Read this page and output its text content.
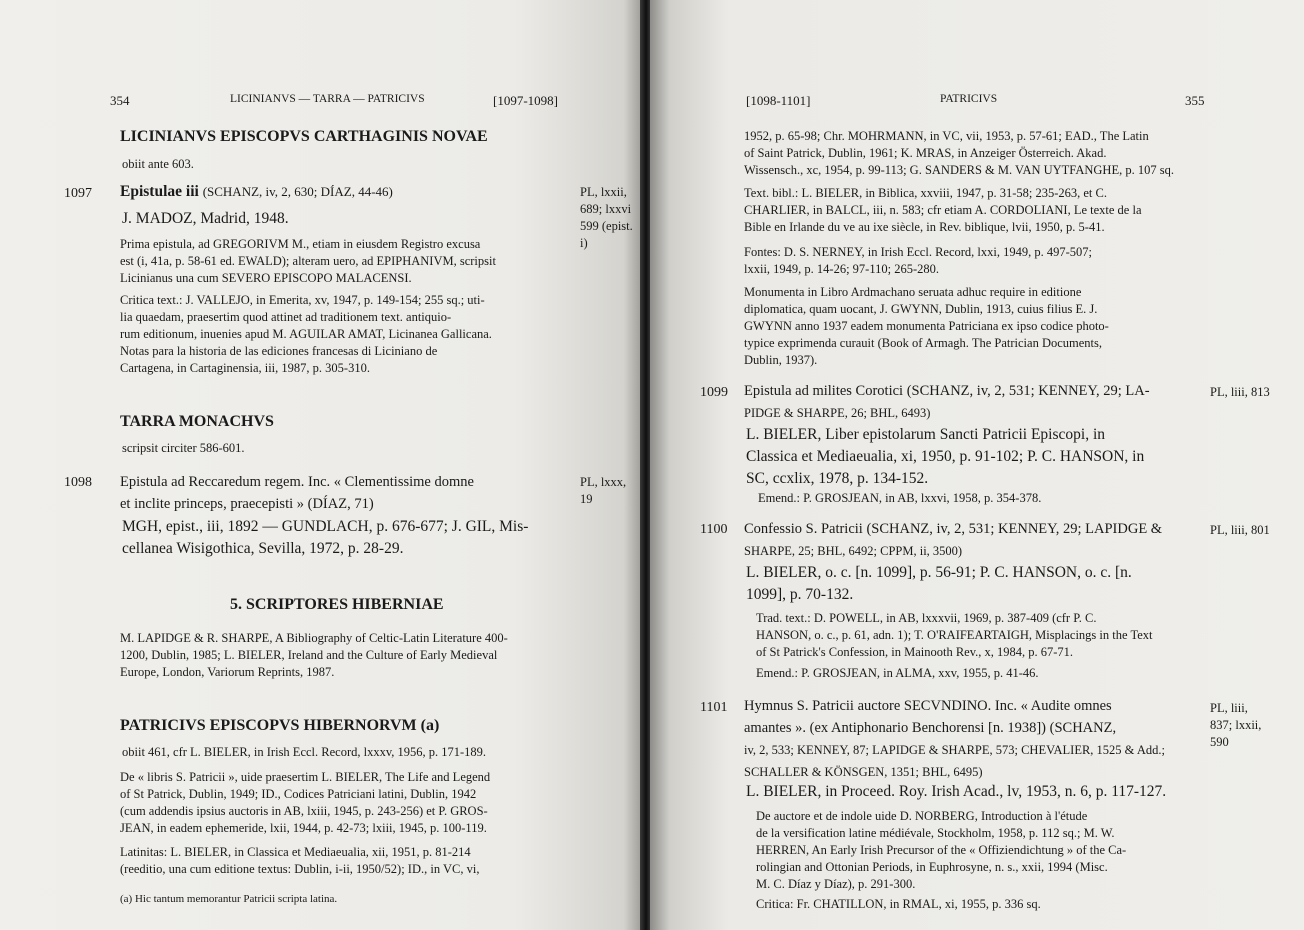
354	LICINIANVS — TARRA — PATRICIVS	[1097-1098]
LICINIANVS EPISCOPVS CARTHAGINIS NOVAE
obiit ante 603.
1097 Epistulae iii (SCHANZ, iv, 2, 630; DÍAZ, 44-46)	PL, lxxii,
689; lxxvi
599 (epist.
i)
J. MADOZ, Madrid, 1948.
Prima epistula, ad GREGORIVM M., etiam in eiusdem Registro excusa
est (i, 41a, p. 58-61 ed. EWALD); alteram uero, ad EPIPHANIVM, scripsit
Licinianus una cum SEVERO EPISCOPO MALACENSI.
Critica text.: J. VALLEJO, in Emerita, xv, 1947, p. 149-154; 255 sq.; uti-
lia quaedam, praesertim quod attinet ad traditionem text. antiquio-
rum editionum, inuenies apud M. AGUILAR AMAT, Licinanea Gallicana.
Notas para la historia de las ediciones francesas di Liciniano de
Cartagena, in Cartaginensia, iii, 1987, p. 305-310.
TARRA MONACHVS
scripsit circiter 586-601.
1098 Epistula ad Reccaredum regem. Inc. « Clementissime domne
et inclite princeps, praecepisti » (DÍAZ, 71)
PL, lxxx,
19
MGH, epist., iii, 1892 — GUNDLACH, p. 676-677; J. GIL, Mis-
cellanea Wisigothica, Sevilla, 1972, p. 28-29.
5. SCRIPTORES HIBERNIAE
M. LAPIDGE & R. SHARPE, A Bibliography of Celtic-Latin Literature 400-
1200, Dublin, 1985; L. BIELER, Ireland and the Culture of Early Medieval
Europe, London, Variorum Reprints, 1987.
PATRICIVS EPISCOPVS HIBERNORVM (a)
obiit 461, cfr L. BIELER, in Irish Eccl. Record, lxxxv, 1956, p. 171-189.
De « libris S. Patricii », uide praesertim L. BIELER, The Life and Legend
of St Patrick, Dublin, 1949; ID., Codices Patriciani latini, Dublin, 1942
(cum addendis ipsius auctoris in AB, lxiii, 1945, p. 243-256) et P. GROS-
JEAN, in eadem ephemeride, lxii, 1944, p. 42-73; lxiii, 1945, p. 100-119.
Latinitas: L. BIELER, in Classica et Mediaeualia, xii, 1951, p. 81-214
(reeditio, una cum editione textus: Dublin, i-ii, 1950/52); ID., in VC, vi,
(a) Hic tantum memorantur Patricii scripta latina.
[1098-1101]	PATRICIVS	355
1952, p. 65-98; Chr. MOHRMANN, in VC, vii, 1953, p. 57-61; EAD., The Latin
of Saint Patrick, Dublin, 1961; K. MRAS, in Anzeiger Österreich. Akad.
Wissensch., xc, 1954, p. 99-113; G. SANDERS & M. VAN UYTFANGHE, p. 107 sq.
Text. bibl.: L. BIELER, in Biblica, xxviii, 1947, p. 31-58; 235-263, et C.
CHARLIER, in BALCL, iii, n. 583; cfr etiam A. CORDOLIANI, Le texte de la
Bible en Irlande du ve au ixe siècle, in Rev. biblique, lvii, 1950, p. 5-41.
Fontes: D. S. NERNEY, in Irish Eccl. Record, lxxi, 1949, p. 497-507;
lxxii, 1949, p. 14-26; 97-110; 265-280.
Monumenta in Libro Ardmachano seruata adhuc require in editione
diplomatica, quam uocant, J. GWYNN, Dublin, 1913, cuius filius E. J.
GWYNN anno 1937 eadem monumenta Patriciana ex ipso codice photo-
typice exprimenda curauit (Book of Armagh. The Patrician Documents,
Dublin, 1937).
1099 Epistula ad milites Corotici (SCHANZ, iv, 2, 531; KENNEY, 29; LA-
PIDGE & SHARPE, 26; BHL, 6493)
PL, liii, 813
L. BIELER, Liber epistolarum Sancti Patricii Episcopi, in
Classica et Mediaeualia, xi, 1950, p. 91-102; P. C. HANSON, in
SC, ccxlix, 1978, p. 134-152.
Emend.: P. GROSJEAN, in AB, lxxvi, 1958, p. 354-378.
1100 Confessio S. Patricii (SCHANZ, iv, 2, 531; KENNEY, 29; LAPIDGE &
SHARPE, 25; BHL, 6492; CPPM, ii, 3500)
PL, liii, 801
L. BIELER, o. c. [n. 1099], p. 56-91; P. C. HANSON, o. c. [n.
1099], p. 70-132.
Trad. text.: D. POWELL, in AB, lxxxvii, 1969, p. 387-409 (cfr P. C.
HANSON, o. c., p. 61, adn. 1); T. O'RAIFEARTAIGH, Misplacings in the Text
of St Patrick's Confession, in Mainooth Rev., x, 1984, p. 67-71.
Emend.: P. GROSJEAN, in ALMA, xxv, 1955, p. 41-46.
1101 Hymnus S. Patricii auctore SECVNDINO. Inc. « Audite omnes
amantes ». (ex Antiphonario Benchorensi [n. 1938]) (SCHANZ,
iv, 2, 533; KENNEY, 87; LAPIDGE & SHARPE, 573; CHEVALIER, 1525 & Add.;
SCHALLER & KÖNSGEN, 1351; BHL, 6495)
PL, liii,
837; lxxii,
590
L. BIELER, in Proceed. Roy. Irish Acad., lv, 1953, n. 6, p. 117-127.
De auctore et de indole uide D. NORBERG, Introduction à l'étude
de la versification latine médiévale, Stockholm, 1958, p. 112 sq.; M. W.
HERREN, An Early Irish Precursor of the « Offiziendichtung » of the Ca-
rolingian and Ottonian Periods, in Euphrosyne, n. s., xxii, 1994 (Misc.
M. C. Díaz y Díaz), p. 291-300.
Critica: Fr. CHATILLON, in RMAL, xi, 1955, p. 336 sq.
